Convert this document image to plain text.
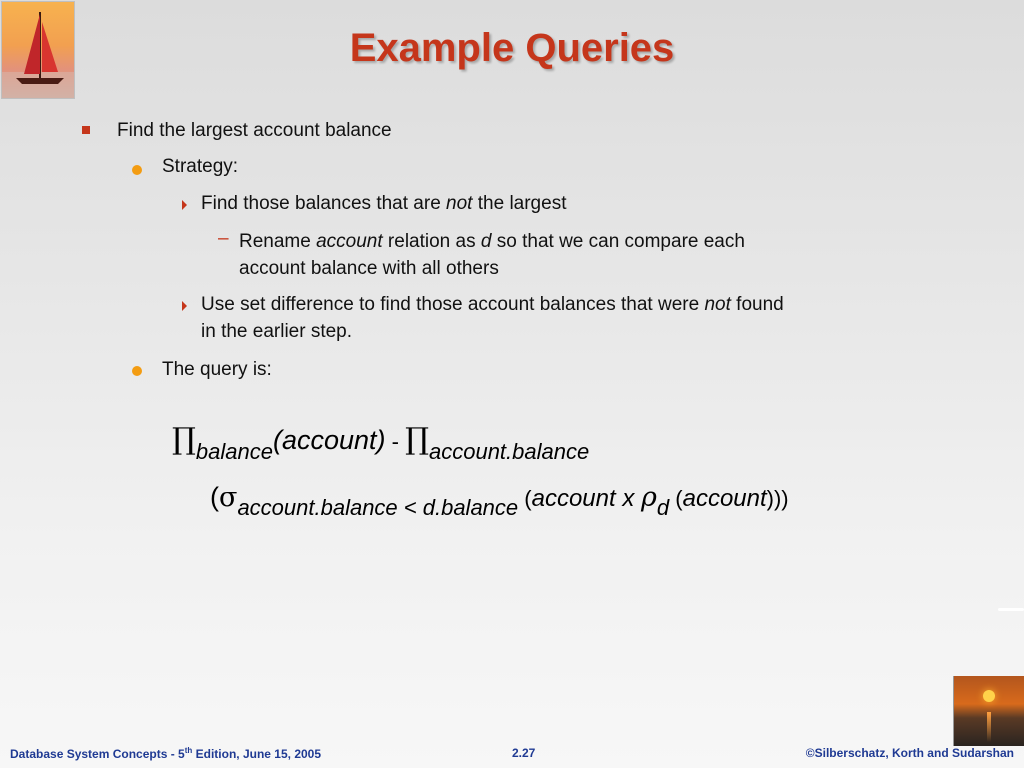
Example Queries
Find the largest account balance
Strategy:
Find those balances that are not the largest
– Rename account relation as d so that we can compare each
account balance with all others
Use set difference to find those account balances that were not found
in the earlier step.
The query is:
∏balance(account) - ∏account.balance
(σaccount.balance < d.balance (account x ρd (account)))
Database System Concepts - 5th Edition, June 15, 2005	2.27	©Silberschatz, Korth and Sudarshan
